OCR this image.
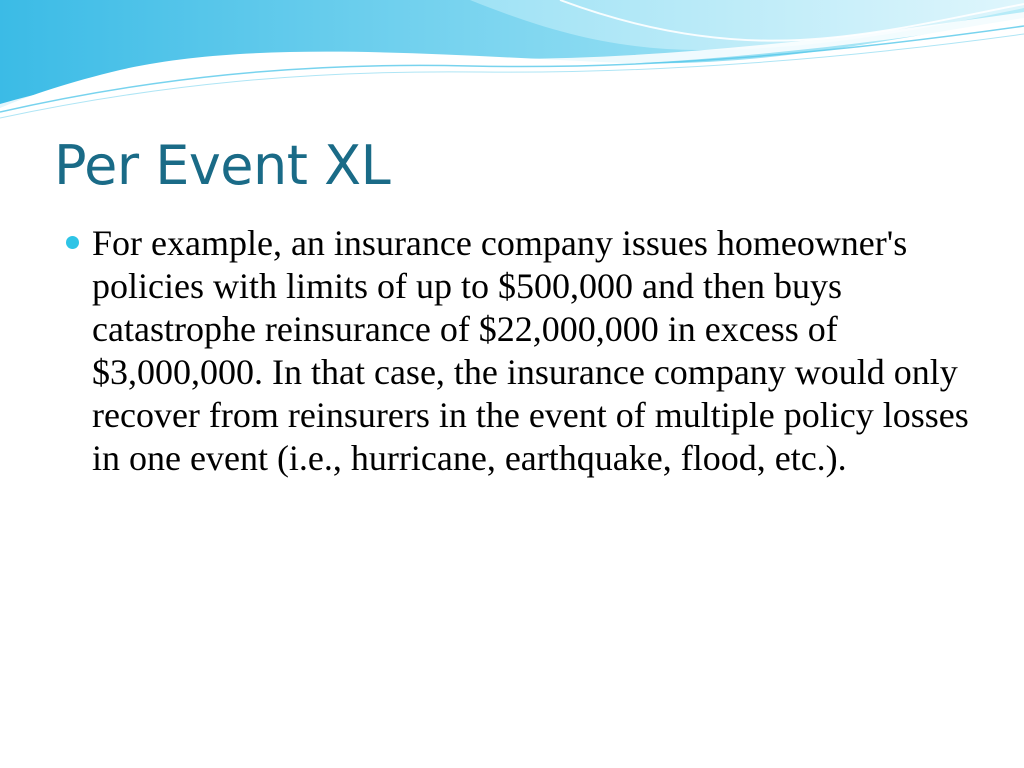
Per Event XL

For example, an insurance company issues homeowner's policies with limits of up to $500,000 and then buys catastrophe reinsurance of $22,000,000 in excess of $3,000,000. In that case, the insurance company would only recover from reinsurers in the event of multiple policy losses in one event (i.e., hurricane, earthquake, flood, etc.).
